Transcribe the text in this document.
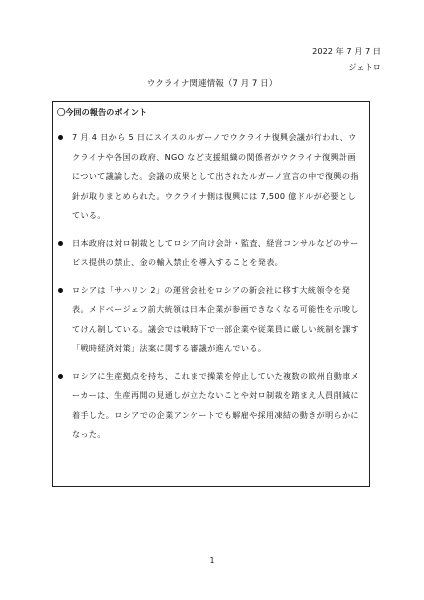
2022 年 7 月 7 日
ジェトロ
ウクライナ関連情報（7 月 7 日）
〇今回の報告のポイント
7 月 4 日から 5 日にスイスのルガーノでウクライナ復興会議が行われ、ウクライナや各国の政府、NGO など支援組織の関係者がウクライナ復興計画について議論した。会議の成果として出されたルガーノ宣言の中で復興の指針が取りまとめられた。ウクライナ側は復興には 7,500 億ドルが必要としている。
日本政府は対ロ制裁としてロシア向け会計・監査、経営コンサルなどのサービス提供の禁止、金の輸入禁止を導入することを発表。
ロシアは「サハリン 2」の運営会社をロシアの新会社に移す大統領令を発表。メドベージェフ前大統領は日本企業が参画できなくなる可能性を示唆してけん制している。議会では戦時下で一部企業や従業員に厳しい統制を課す「戦時経済対策」法案に関する審議が進んでいる。
ロシアに生産拠点を持ち、これまで操業を停止していた複数の欧州自動車メーカーは、生産再開の見通しが立たないことや対ロ制裁を踏まえ人員削減に着手した。ロシアでの企業アンケートでも解雇や採用凍結の動きが明らかになった。
1
